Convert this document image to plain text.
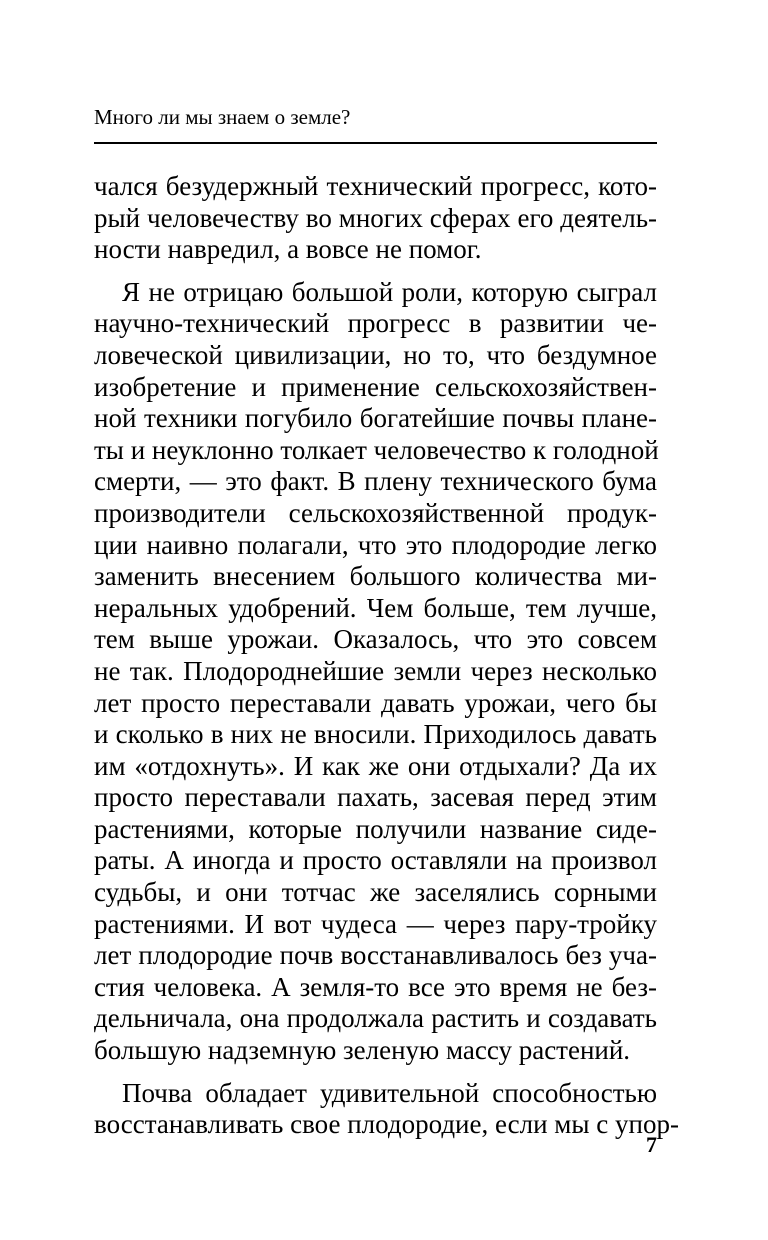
Много ли мы знаем о земле?
чался безудержный технический прогресс, кото-
рый человечеству во многих сферах его деятель-
ности навредил, а вовсе не помог.
Я не отрицаю большой роли, которую сыграл
научно-технический прогресс в развитии че-
ловеческой цивилизации, но то, что бездумное
изобретение и применение сельскохозяйствен-
ной техники погубило богатейшие почвы плане-
ты и неуклонно толкает человечество к голодной
смерти, — это факт. В плену технического бума
производители сельскохозяйственной продук-
ции наивно полагали, что это плодородие легко
заменить внесением большого количества ми-
неральных удобрений. Чем больше, тем лучше,
тем выше урожаи. Оказалось, что это совсем
не так. Плодороднейшие земли через несколько
лет просто переставали давать урожаи, чего бы
и сколько в них не вносили. Приходилось давать
им «отдохнуть». И как же они отдыхали? Да их
просто переставали пахать, засевая перед этим
растениями, которые получили название сиде-
раты. А иногда и просто оставляли на произвол
судьбы, и они тотчас же заселялись сорными
растениями. И вот чудеса — через пару-тройку
лет плодородие почв восстанавливалось без уча-
стия человека. А земля-то все это время не без-
дельничала, она продолжала растить и создавать
большую надземную зеленую массу растений.
Почва обладает удивительной способностью
восстанавливать свое плодородие, если мы с упор-
7
